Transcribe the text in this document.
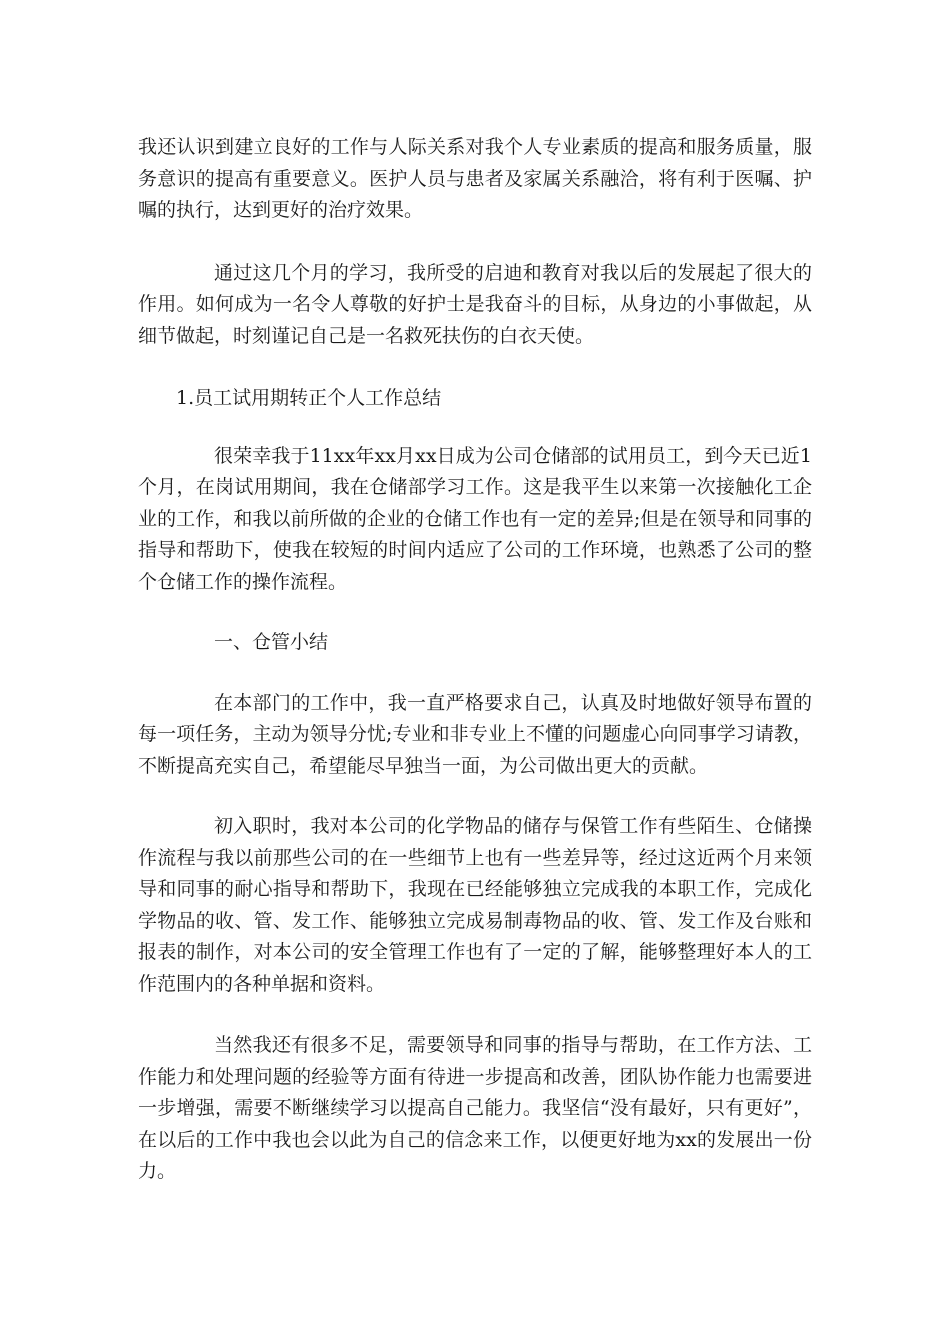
我还认识到建立良好的工作与人际关系对我个人专业素质的提高和服务质量，服务意识的提高有重要意义。医护人员与患者及家属关系融洽，将有利于医嘱、护嘱的执行，达到更好的治疗效果。

通过这几个月的学习，我所受的启迪和教育对我以后的发展起了很大的作用。如何成为一名令人尊敬的好护士是我奋斗的目标，从身边的小事做起，从细节做起，时刻谨记自己是一名救死扶伤的白衣天使。

1.员工试用期转正个人工作总结

很荣幸我于11xx年xx月xx日成为公司仓储部的试用员工，到今天已近1个月，在岗试用期间，我在仓储部学习工作。这是我平生以来第一次接触化工企业的工作，和我以前所做的企业的仓储工作也有一定的差异;但是在领导和同事的指导和帮助下，使我在较短的时间内适应了公司的工作环境，也熟悉了公司的整个仓储工作的操作流程。

一、仓管小结

在本部门的工作中，我一直严格要求自己，认真及时地做好领导布置的每一项任务，主动为领导分忧;专业和非专业上不懂的问题虚心向同事学习请教，不断提高充实自己，希望能尽早独当一面，为公司做出更大的贡献。

初入职时，我对本公司的化学物品的储存与保管工作有些陌生、仓储操作流程与我以前那些公司的在一些细节上也有一些差异等，经过这近两个月来领导和同事的耐心指导和帮助下，我现在已经能够独立完成我的本职工作，完成化学物品的收、管、发工作、能够独立完成易制毒物品的收、管、发工作及台账和报表的制作，对本公司的安全管理工作也有了一定的了解，能够整理好本人的工作范围内的各种单据和资料。

当然我还有很多不足，需要领导和同事的指导与帮助，在工作方法、工作能力和处理问题的经验等方面有待进一步提高和改善，团队协作能力也需要进一步增强，需要不断继续学习以提高自己能力。我坚信“没有最好，只有更好”，在以后的工作中我也会以此为自己的信念来工作，以便更好地为xx的发展出一份力。
